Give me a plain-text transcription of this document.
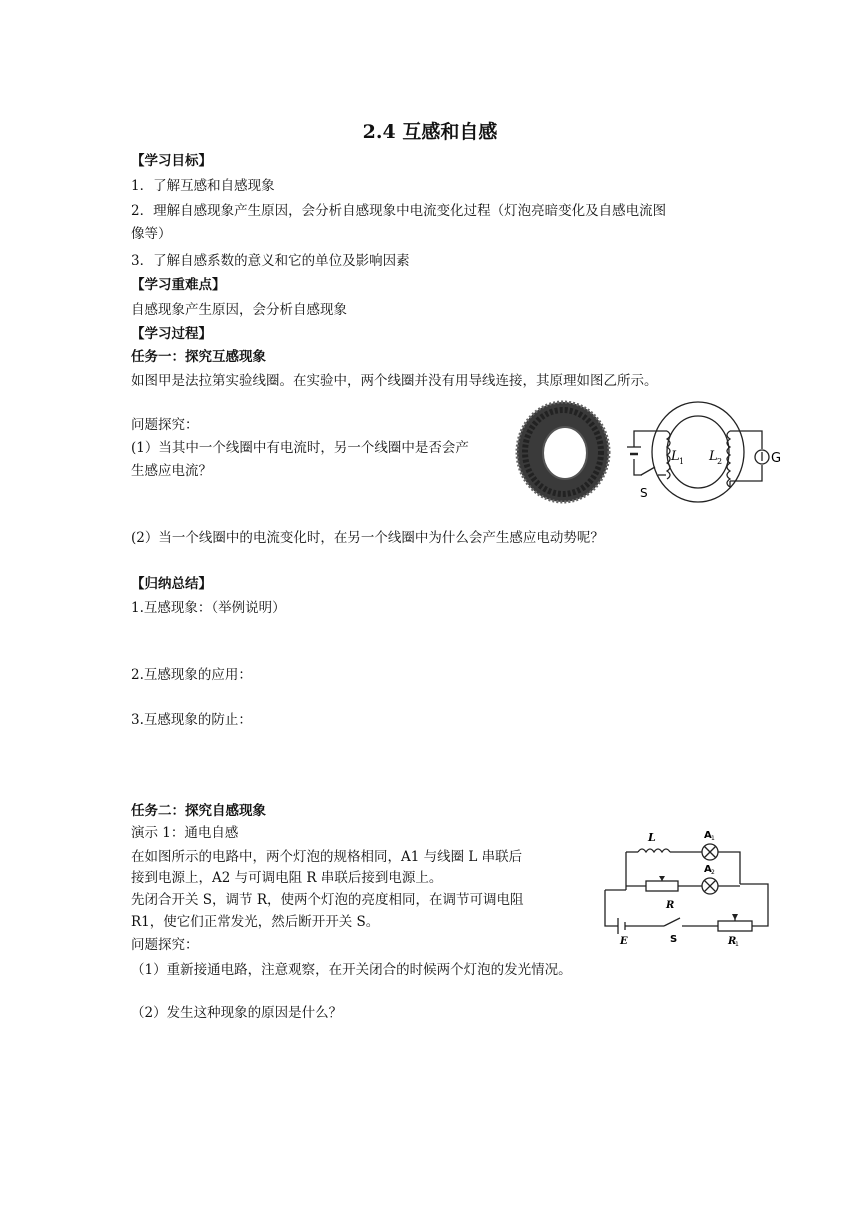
2.4 互感和自感
【学习目标】
1．了解互感和自感现象
2．理解自感现象产生原因，会分析自感现象中电流变化过程（灯泡亮暗变化及自感电流图
像等）
3．了解自感系数的意义和它的单位及影响因素
【学习重难点】
自感现象产生原因，会分析自感现象
【学习过程】
任务一：探究互感现象
如图甲是法拉第实验线圈。在实验中，两个线圈并没有用导线连接，其原理如图乙所示。
问题探究：
(1）当其中一个线圈中有电流时，另一个线圈中是否会产
生感应电流？
L 1 L 2	G
S
(2）当一个线圈中的电流变化时，在另一个线圈中为什么会产生感应电动势呢？
【归纳总结】
1.互感现象：（举例说明）
2.互感现象的应用：
3.互感现象的防止：
任务二：探究自感现象
演示 1：通电自感
在如图所示的电路中，两个灯泡的规格相同，A1 与线圈 L 串联后
接到电源上，A2 与可调电阻 R 串联后接到电源上。
先闭合开关 S，调节 R，使两个灯泡的亮度相同，在调节可调电阻
R1，使它们正常发光，然后断开开关 S。
问题探究：
L	A 1
A 2
R
E	S	R
1
（1）重新接通电路，注意观察，在开关闭合的时候两个灯泡的发光情况。
（2）发生这种现象的原因是什么？
